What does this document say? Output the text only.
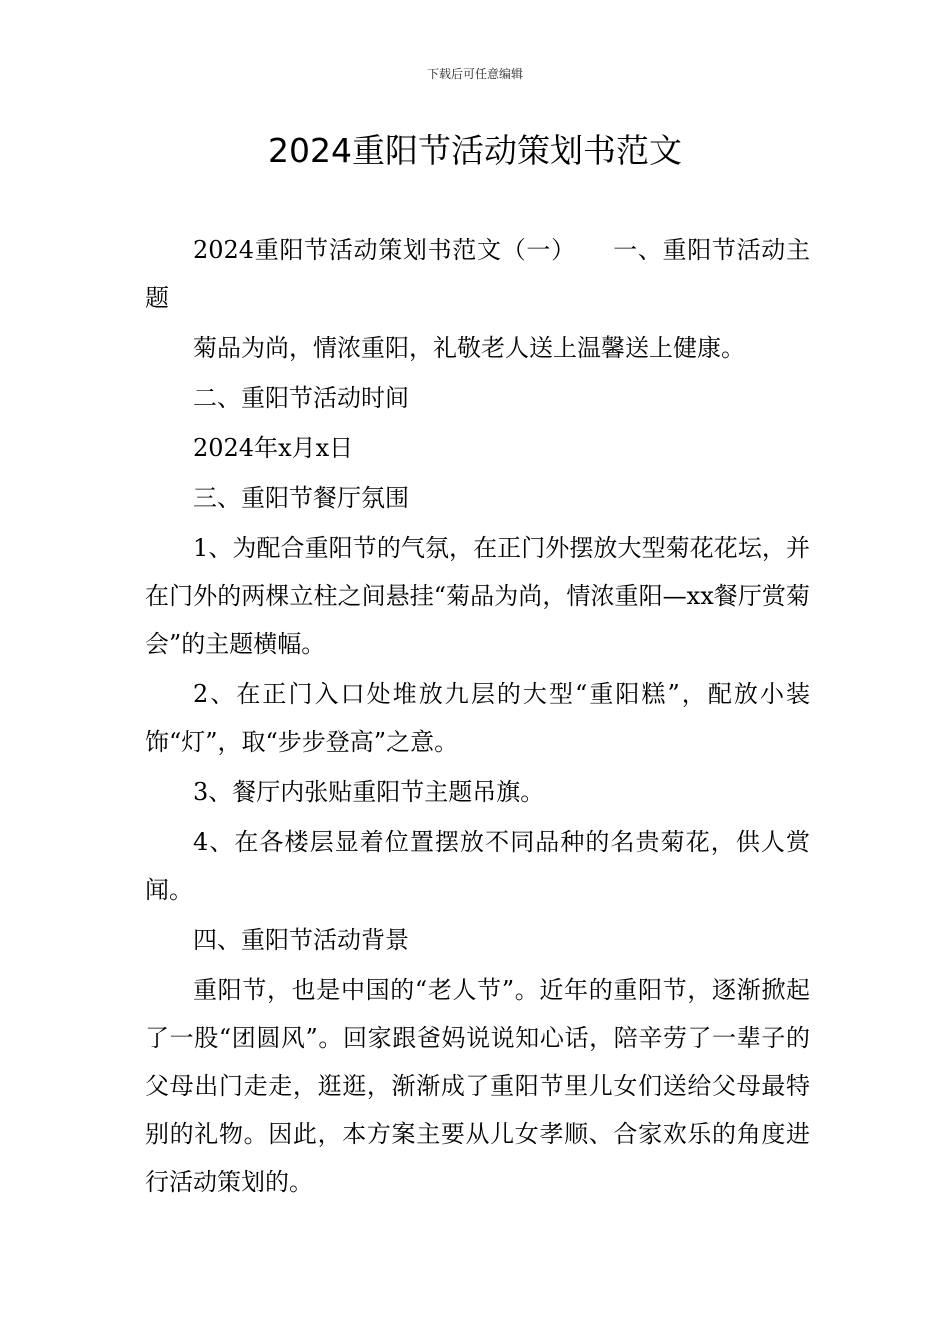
下载后可任意编辑
2024重阳节活动策划书范文

2024重阳节活动策划书范文（一）　　一、重阳节活动主题

菊品为尚，情浓重阳，礼敬老人送上温馨送上健康。

二、重阳节活动时间

2024年x月x日

三、重阳节餐厅氛围

1、为配合重阳节的气氛，在正门外摆放大型菊花花坛，并在门外的两棵立柱之间悬挂“菊品为尚，情浓重阳—xx餐厅赏菊会”的主题横幅。

2、在正门入口处堆放九层的大型“重阳糕”，配放小装饰“灯”，取“步步登高”之意。

3、餐厅内张贴重阳节主题吊旗。

4、在各楼层显着位置摆放不同品种的名贵菊花，供人赏闻。

四、重阳节活动背景

重阳节，也是中国的“老人节”。近年的重阳节，逐渐掀起了一股“团圆风”。回家跟爸妈说说知心话，陪辛劳了一辈子的父母出门走走，逛逛，渐渐成了重阳节里儿女们送给父母最特别的礼物。因此，本方案主要从儿女孝顺、合家欢乐的角度进行活动策划的。
